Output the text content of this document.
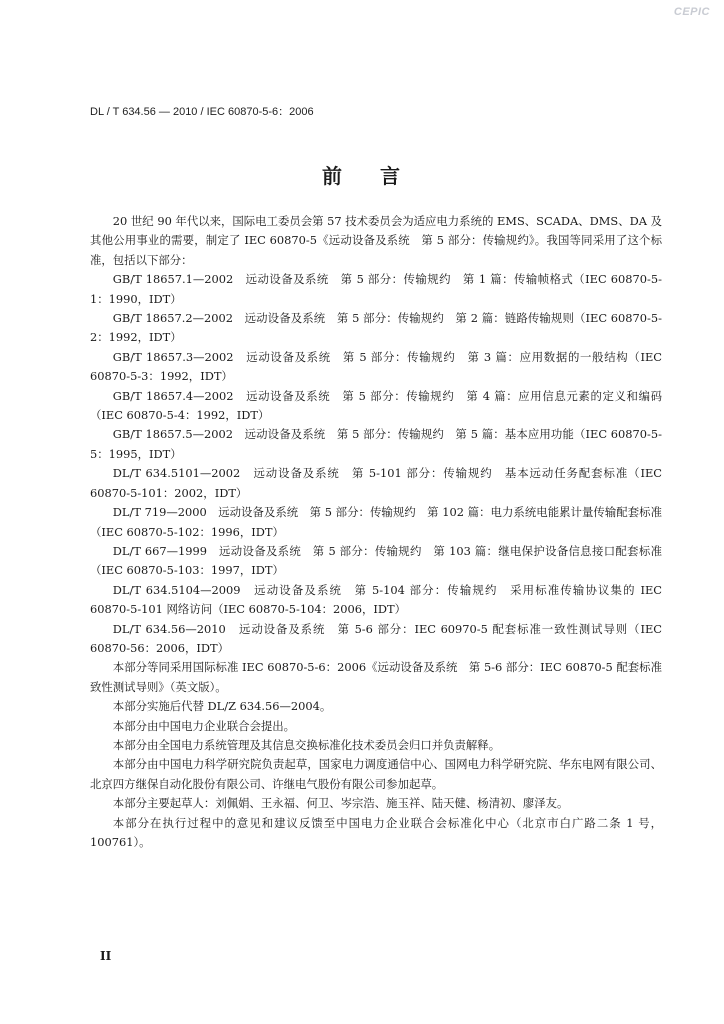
CEPIC
DL / T 634.56 — 2010 / IEC 60870-5-6：2006
前 言

20 世纪 90 年代以来，国际电工委员会第 57 技术委员会为适应电力系统的 EMS、SCADA、DMS、DA 及其他公用事业的需要，制定了 IEC 60870-5《远动设备及系统　第 5 部分：传输规约》。我国等同采用了这个标准，包括以下部分：

GB/T 18657.1—2002　远动设备及系统　第 5 部分：传输规约　第 1 篇：传输帧格式（IEC 60870-5-1：1990，IDT）

GB/T 18657.2—2002　远动设备及系统　第 5 部分：传输规约　第 2 篇：链路传输规则（IEC 60870-5-2：1992，IDT）

GB/T 18657.3—2002　远动设备及系统　第 5 部分：传输规约　第 3 篇：应用数据的一般结构（IEC 60870-5-3：1992，IDT）

GB/T 18657.4—2002　远动设备及系统　第 5 部分：传输规约　第 4 篇：应用信息元素的定义和编码（IEC 60870-5-4：1992，IDT）

GB/T 18657.5—2002　远动设备及系统　第 5 部分：传输规约　第 5 篇：基本应用功能（IEC 60870-5-5：1995，IDT）

DL/T 634.5101—2002　远动设备及系统　第 5-101 部分：传输规约　基本远动任务配套标准（IEC 60870-5-101：2002，IDT）

DL/T 719—2000　远动设备及系统　第 5 部分：传输规约　第 102 篇：电力系统电能累计量传输配套标准（IEC 60870-5-102：1996，IDT）

DL/T 667—1999　远动设备及系统　第 5 部分：传输规约　第 103 篇：继电保护设备信息接口配套标准（IEC 60870-5-103：1997，IDT）

DL/T 634.5104—2009　远动设备及系统　第 5-104 部分：传输规约　采用标准传输协议集的 IEC 60870-5-101 网络访问（IEC 60870-5-104：2006，IDT）

DL/T 634.56—2010　远动设备及系统　第 5-6 部分：IEC 60970-5 配套标准一致性测试导则（IEC 60870-56：2006，IDT）

本部分等同采用国际标准 IEC 60870-5-6：2006《远动设备及系统　第 5-6 部分：IEC 60870-5 配套标准　致性测试导则》（英文版）。

本部分实施后代替 DL/Z 634.56—2004。

本部分由中国电力企业联合会提出。

本部分由全国电力系统管理及其信息交换标准化技术委员会归口并负责解释。

本部分由中国电力科学研究院负责起草，国家电力调度通信中心、国网电力科学研究院、华东电网有限公司、北京四方继保自动化股份有限公司、许继电气股份有限公司参加起草。

本部分主要起草人：刘佩娟、王永福、何卫、岑宗浩、施玉祥、陆天健、杨清初、廖泽友。

本部分在执行过程中的意见和建议反馈至中国电力企业联合会标准化中心（北京市白广路二条 1 号，100761）。

II
